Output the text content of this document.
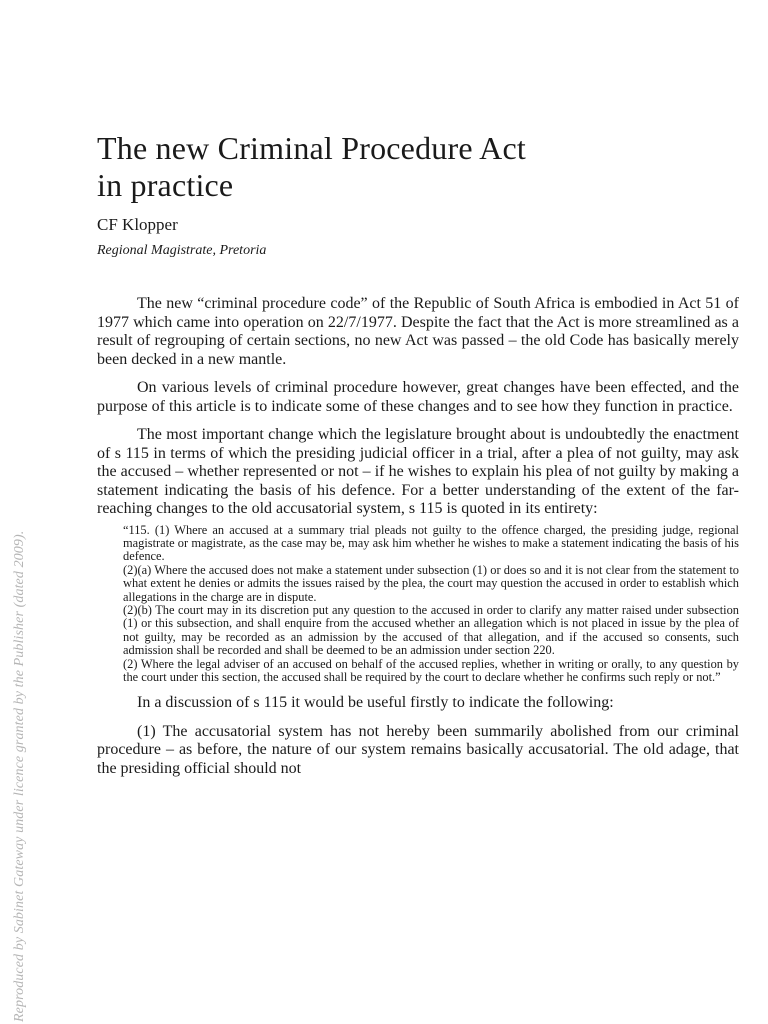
Reproduced by Sabinet Gateway under licence granted by the Publisher (dated 2009).
The new Criminal Procedure Act
in practice
CF Klopper
Regional Magistrate, Pretoria

The new “criminal procedure code” of the Republic of South Africa is embodied in Act 51 of 1977 which came into operation on 22/7/1977. Despite the fact that the Act is more streamlined as a result of regrouping of certain sections, no new Act was passed – the old Code has basically merely been decked in a new mantle.

On various levels of criminal procedure however, great changes have been effected, and the purpose of this article is to indicate some of these changes and to see how they function in practice.

The most important change which the legislature brought about is undoubtedly the enactment of s 115 in terms of which the presiding judicial officer in a trial, after a plea of not guilty, may ask the accused – whether represented or not – if he wishes to explain his plea of not guilty by making a statement indicating the basis of his defence. For a better understanding of the extent of the far-reaching changes to the old accusatorial system, s 115 is quoted in its entirety:

“115. (1) Where an accused at a summary trial pleads not guilty to the offence charged, the presiding judge, regional magistrate or magistrate, as the case may be, may ask him whether he wishes to make a statement indicating the basis of his defence.

(2)(a) Where the accused does not make a statement under subsection (1) or does so and it is not clear from the statement to what extent he denies or admits the issues raised by the plea, the court may question the accused in order to establish which allegations in the charge are in dispute.

(2)(b) The court may in its discretion put any question to the accused in order to clarify any matter raised under subsection (1) or this subsection, and shall enquire from the accused whether an allegation which is not placed in issue by the plea of not guilty, may be recorded as an admission by the accused of that allegation, and if the accused so consents, such admission shall be recorded and shall be deemed to be an admission under section 220.

(2) Where the legal adviser of an accused on behalf of the accused replies, whether in writing or orally, to any question by the court under this section, the accused shall be required by the court to declare whether he confirms such reply or not.”

In a discussion of s 115 it would be useful firstly to indicate the following:

(1) The accusatorial system has not hereby been summarily abolished from our criminal procedure – as before, the nature of our system remains basically accusatorial. The old adage, that the presiding official should not
